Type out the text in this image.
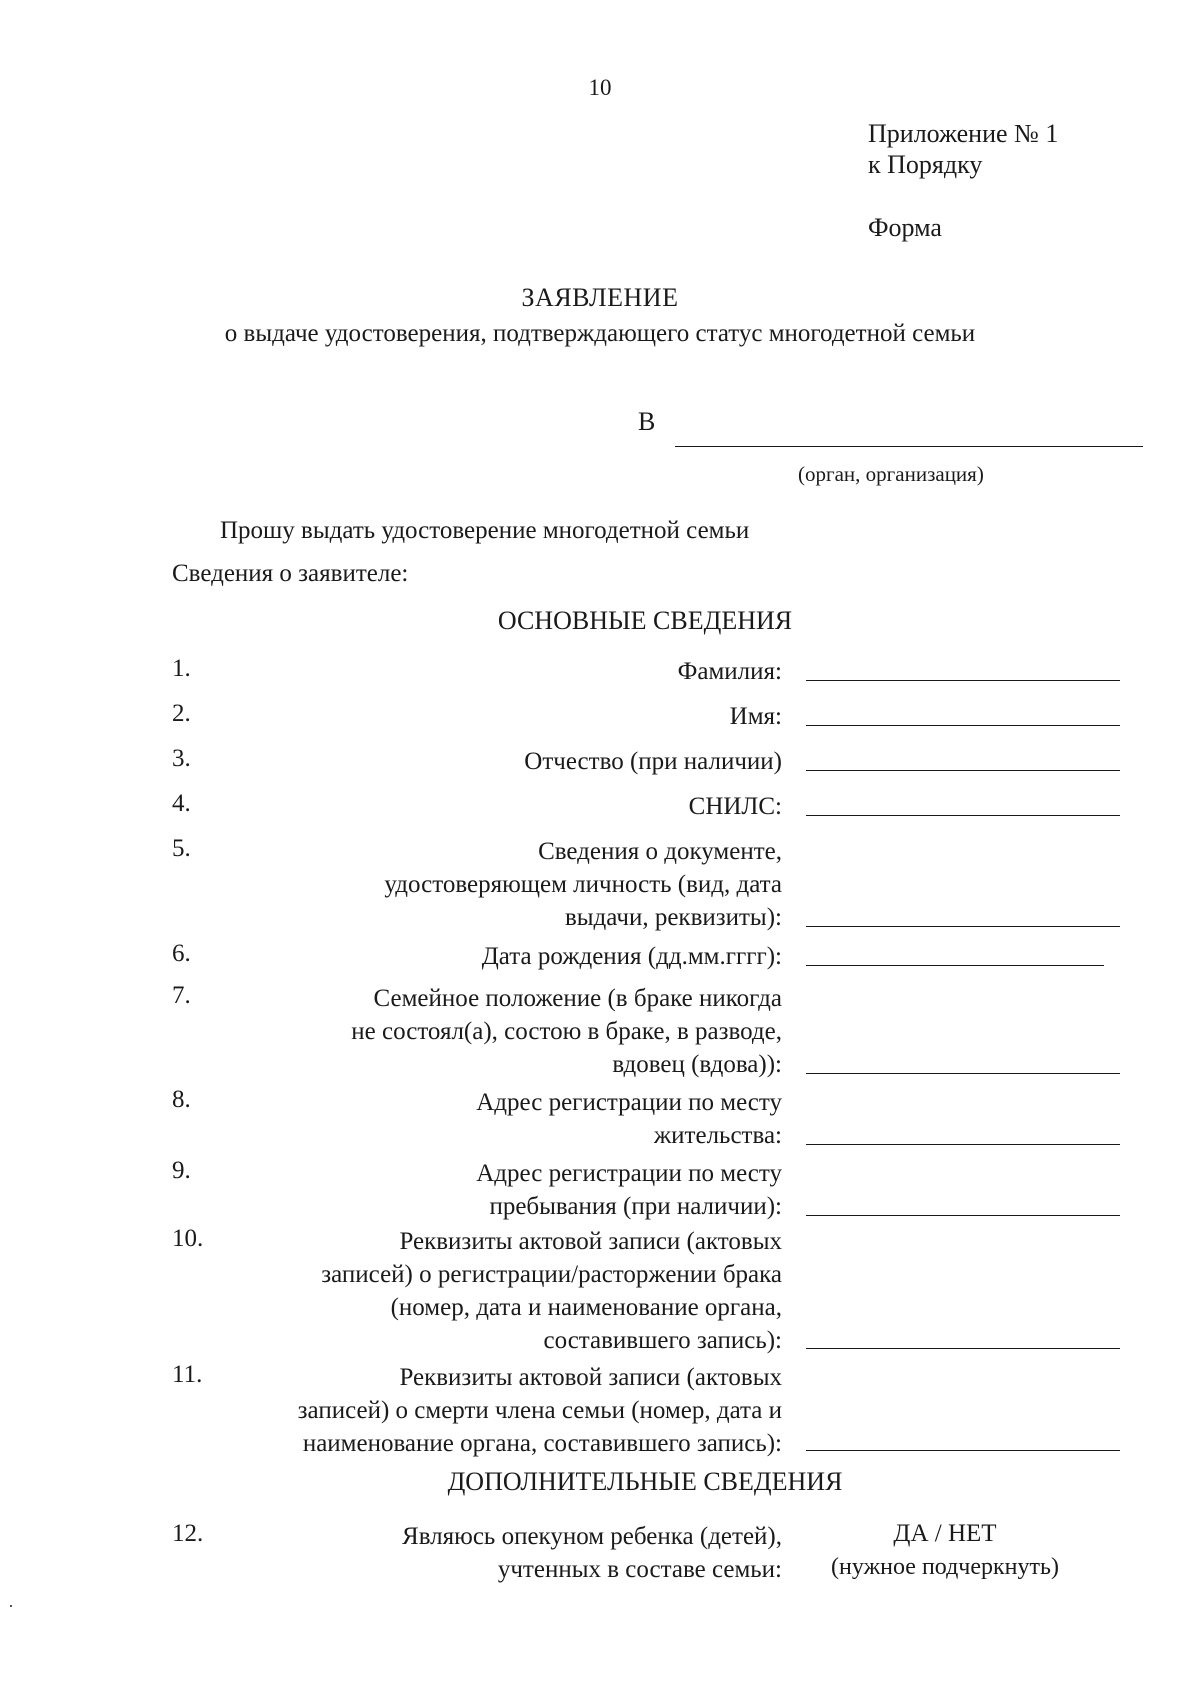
10
Приложение № 1
к Порядку
Форма
ЗАЯВЛЕНИЕ
о выдаче удостоверения, подтверждающего статус многодетной семьи
В
(орган, организация)
Прошу выдать удостоверение многодетной семьи
Сведения о заявителе:
ОСНОВНЫЕ СВЕДЕНИЯ
1.	Фамилия:
2.	Имя:
3.	Отчество (при наличии)
4.	СНИЛС:
5.	Сведения о документе,
удостоверяющем личность (вид, дата
выдачи, реквизиты):
6.	Дата рождения (дд.мм.гггг):
7.	Семейное положение (в браке никогда
не состоял(а), состою в браке, в разводе,
вдовец (вдова)):
8.	Адрес регистрации по месту
жительства:
9.	Адрес регистрации по месту
пребывания (при наличии):
10.	Реквизиты актовой записи (актовых
записей) о регистрации/расторжении брака
(номер, дата и наименование органа,
составившего запись):
11.	Реквизиты актовой записи (актовых
записей) о смерти члена семьи (номер, дата и
наименование органа, составившего запись):
ДОПОЛНИТЕЛЬНЫЕ СВЕДЕНИЯ
12.	Являюсь опекуном ребенка (детей),
учтенных в составе семьи:
ДА / НЕТ
(нужное подчеркнуть)
